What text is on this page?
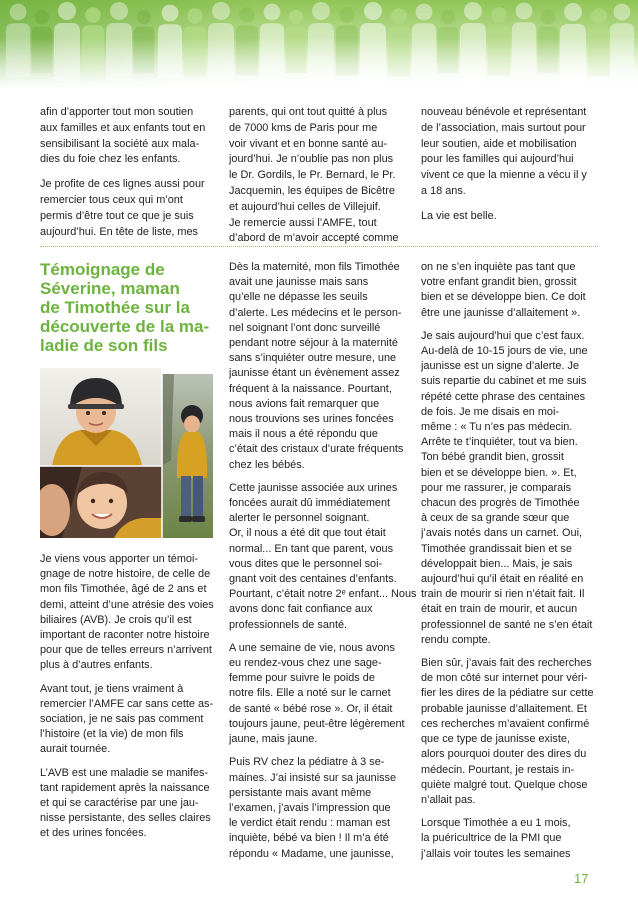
afin d’apporter tout mon soutien
aux familles et aux enfants tout en
sensibilisant la société aux mala-
dies du foie chez les enfants.

Je profite de ces lignes aussi pour
remercier tous ceux qui m’ont
permis d’être tout ce que je suis
aujourd’hui. En tête de liste, mes

parents, qui ont tout quitté à plus
de 7000 kms de Paris pour me
voir vivant et en bonne santé au-
jourd’hui. Je n’oublie pas non plus
le Dr. Gordils, le Pr. Bernard, le Pr.
Jacquemin, les équipes de Bicêtre
et aujourd’hui celles de Villejuif.
Je remercie aussi l’AMFE, tout
d’abord de m’avoir accepté comme

nouveau bénévole et représentant
de l’association, mais surtout pour
leur soutien, aide et mobilisation
pour les familles qui aujourd’hui
vivent ce que la mienne a vécu il y
a 18 ans.

La vie est belle.

Témoignage de
Séverine, maman
de Timothée sur la
découverte de la ma-
ladie de son fils

Je viens vous apporter un témoi-
gnage de notre histoire, de celle de
mon fils Timothée, âgé de 2 ans et
demi, atteint d’une atrésie des voies
biliaires (AVB). Je crois qu’il est
important de raconter notre histoire
pour que de telles erreurs n’arrivent
plus à d’autres enfants.

Avant tout, je tiens vraiment à
remercier l’AMFE car sans cette as-
sociation, je ne sais pas comment
l’histoire (et la vie) de mon fils
aurait tournée.

L’AVB est une maladie se manifes-
tant rapidement après la naissance
et qui se caractérise par une jau-
nisse persistante, des selles claires
et des urines foncées.

Dès la maternité, mon fils Timothée
avait une jaunisse mais sans
qu’elle ne dépasse les seuils
d’alerte. Les médecins et le person-
nel soignant l’ont donc surveillé
pendant notre séjour à la maternité
sans s’inquiéter outre mesure, une
jaunisse étant un évènement assez
fréquent à la naissance. Pourtant,
nous avions fait remarquer que
nous trouvions ses urines foncées
mais il nous a été répondu que
c’était des cristaux d’urate fréquents
chez les bébés.

Cette jaunisse associée aux urines
foncées aurait dû immédiatement
alerter le personnel soignant.
Or, il nous a été dit que tout était
normal... En tant que parent, vous
vous dites que le personnel soi-
gnant voit des centaines d’enfants.
Pourtant, c’était notre 2ᵉ enfant... Nous
avons donc fait confiance aux
professionnels de santé.

A une semaine de vie, nous avons
eu rendez-vous chez une sage-
femme pour suivre le poids de
notre fils. Elle a noté sur le carnet
de santé « bébé rose ». Or, il était
toujours jaune, peut-être légèrement
jaune, mais jaune.

Puis RV chez la pédiatre à 3 se-
maines. J’ai insisté sur sa jaunisse
persistante mais avant même
l’examen, j’avais l’impression que
le verdict était rendu : maman est
inquiète, bébé va bien ! Il m’a été
répondu « Madame, une jaunisse,

on ne s’en inquiète pas tant que
votre enfant grandit bien, grossit
bien et se développe bien. Ce doit
être une jaunisse d’allaitement ».

Je sais aujourd’hui que c’est faux.
Au-delà de 10-15 jours de vie, une
jaunisse est un signe d’alerte. Je
suis repartie du cabinet et me suis
répété cette phrase des centaines
de fois. Je me disais en moi-
même : « Tu n’es pas médecin.
Arrête te t’inquiéter, tout va bien.
Ton bébé grandit bien, grossit
bien et se développe bien. ». Et,
pour me rassurer, je comparais
chacun des progrès de Timothée
à ceux de sa grande sœur que
j’avais notés dans un carnet. Oui,
Timothée grandissait bien et se
développait bien... Mais, je sais
aujourd’hui qu’il était en réalité en
train de mourir si rien n’était fait. Il
était en train de mourir, et aucun
professionnel de santé ne s’en était
rendu compte.

Bien sûr, j’avais fait des recherches
de mon côté sur internet pour véri-
fier les dires de la pédiatre sur cette
probable jaunisse d’allaitement. Et
ces recherches m’avaient confirmé
que ce type de jaunisse existe,
alors pourquoi douter des dires du
médecin. Pourtant, je restais in-
quiète malgré tout. Quelque chose
n’allait pas.

Lorsque Timothée a eu 1 mois,
la puéricultrice de la PMI que
j’allais voir toutes les semaines

17
